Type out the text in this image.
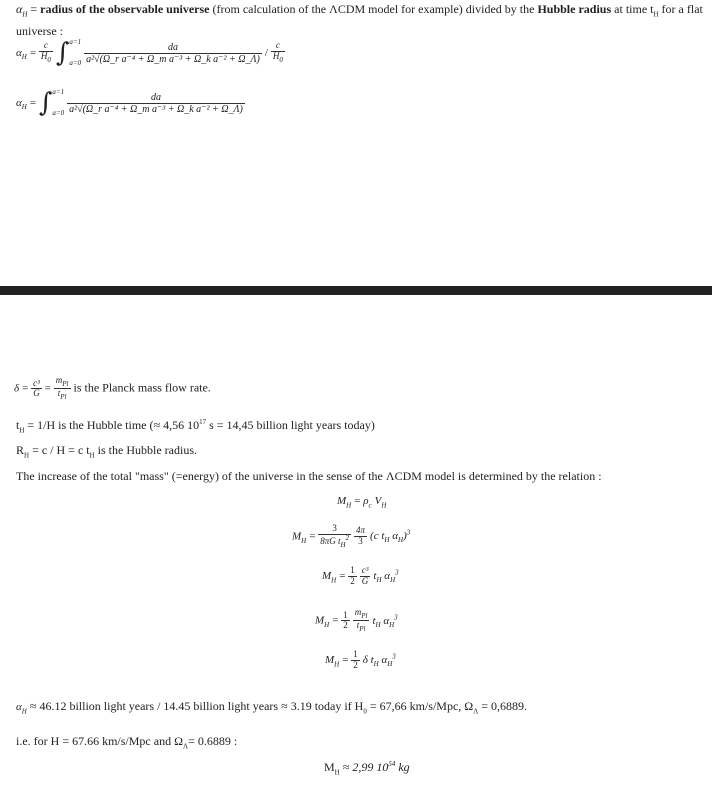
$\alpha_H$ = radius of the observable universe (from calculation of the ΛCDM model for example) divided by the Hubble radius at time $t_H$ for a flat universe :
$\alpha_H = \frac{c}{H_0}$ ∫ a=1

a=0
$\frac{da}{\text{a²√(Ω\_r a⁻⁴ + Ω\_m a⁻³ + Ω\_k a⁻² + Ω\_Λ)}} / \frac{c}{H_0}$
$\alpha_H$ = ∫ a=1

a=0
$\frac{da}{\text{a²√(Ω\_r a⁻⁴ + Ω\_m a⁻³ + Ω\_k a⁻² + Ω\_Λ)}}$
$\delta = \frac{\text{c³}}{G} = \frac{m_{Pl}}{t_{Pl}}$ is the Planck mass flow rate.
$t_H = 1/H$ is the Hubble time (≈ 4,56 $10^{17}$ s = 14,45 billion light years today)
$R_H = c / H = c$ $t_H$ is the Hubble radius.
The increase of the total "mass" (=energy) of the universe in the sense of the ΛCDM model is determined by the relation :
$M_H = \rho_c$ $V_H$
$M_H = \frac{3}{8\pi G t_H^2}$
$\frac{4\pi}{3} (c$ $t_H$ $\alpha_H)^3$
$M_H = \frac{1}{2}$
$\frac{\text{c³}}{G} t_H$ $\alpha_H^3$
$M_H = \frac{1}{2}$
$\frac{m_{Pl}}{t_{Pl}} t_H$ $\alpha_H^3$
$M_H = \frac{1}{2}$ δ $t_H$ $\alpha_H^3$
$\alpha_H \approx 46.12$ billion light years / 14.45 billion light years ≈ 3.19 today if $H_0 = 67,66$ km/s/Mpc, $\Omega_\Lambda = 0,6889$.
i.e. for H = 67.66 km/s/Mpc and $\Omega_\Lambda= 0.6889$ :
$M_H \approx 2,99$ $10^{54}$ kg
